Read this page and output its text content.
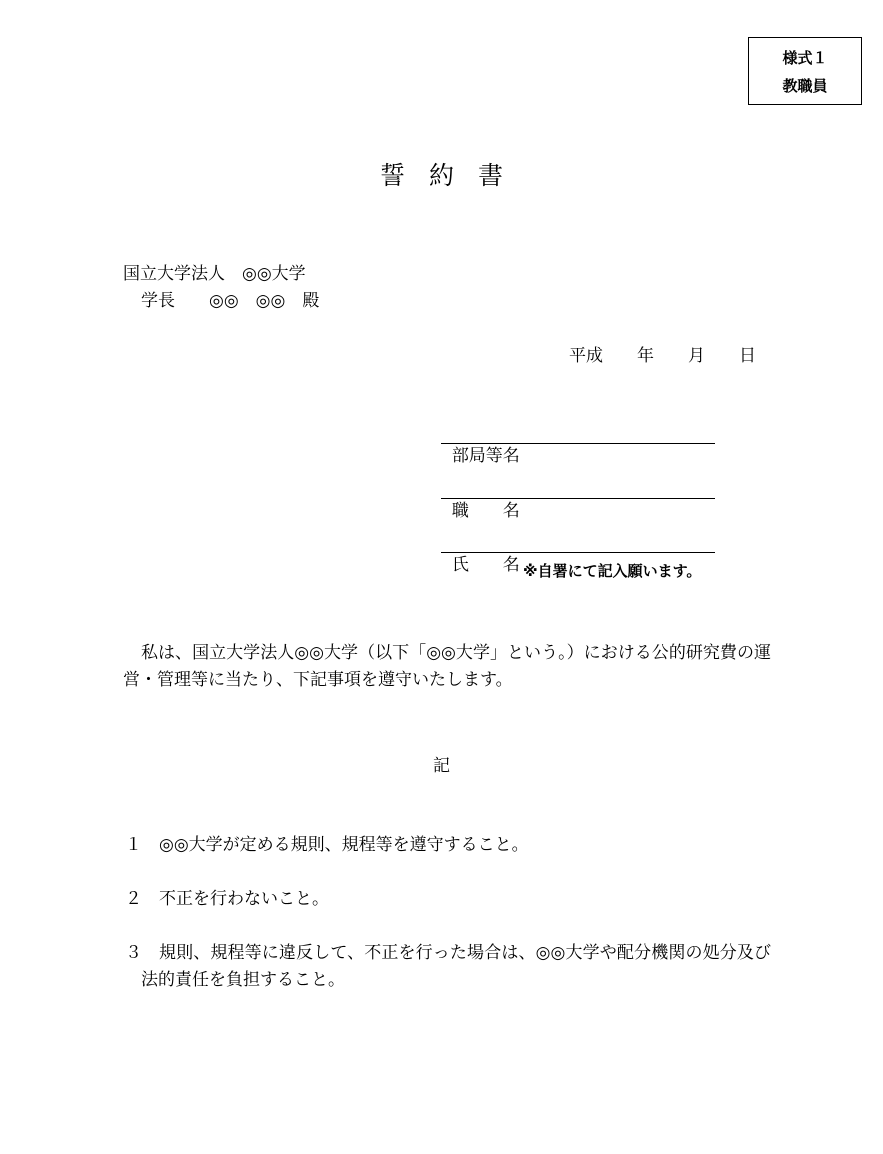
様式１
教職員
誓約書
国立大学法人　◎◎大学
学長　　◎◎　◎◎　殿
平成　　年　　月　　日

部局等名

職　　名

氏　　名 ※自署にて記入願います。
私は、国立大学法人◎◎大学（以下「◎◎大学」という。）における公的研究費の運営・管理等に当たり、下記事項を遵守いたします。
記
１	◎◎大学が定める規則、規程等を遵守すること。
２	不正を行わないこと。
３	規則、規程等に違反して、不正を行った場合は、◎◎大学や配分機関の処分及び法的責任を負担すること。
